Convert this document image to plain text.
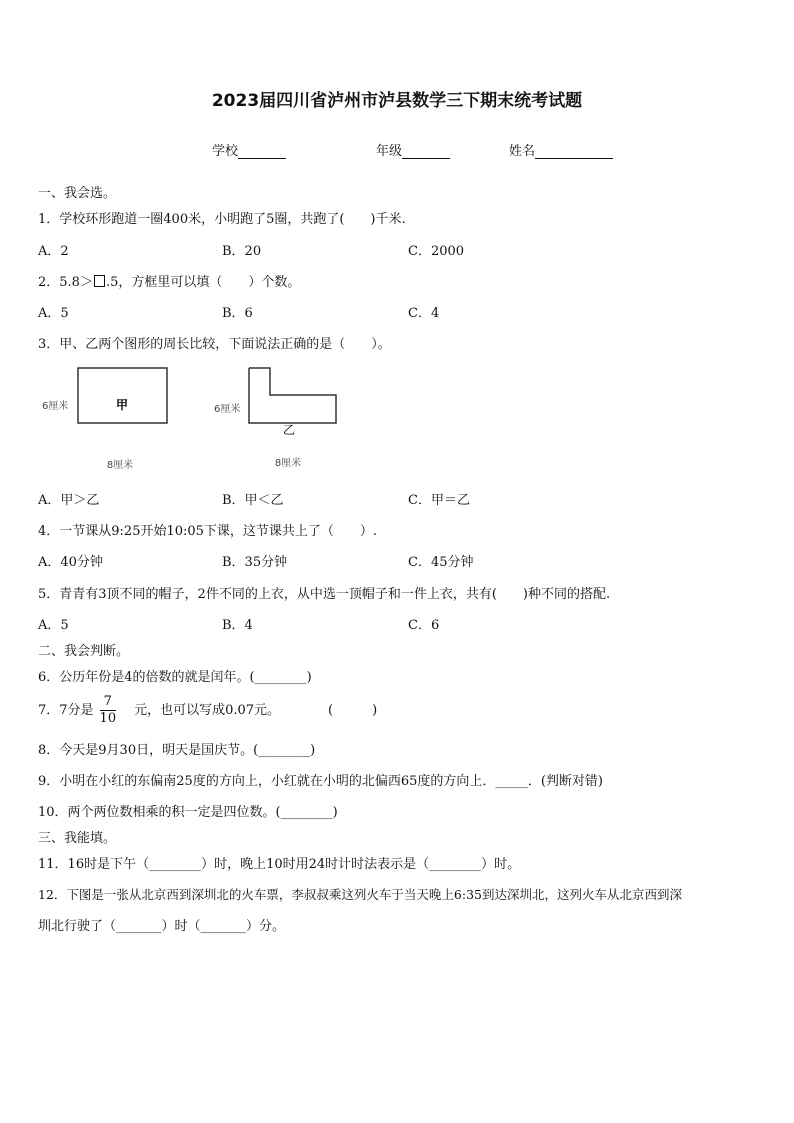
2023届四川省泸州市泸县数学三下期末统考试题
学校	年级	姓名
一、我会选。
1．学校环形跑道一圈400米，小明跑了5圈，共跑了(　　)千米.
A．2	B．20	C．2000
2．5.8＞ .5，方框里可以填（　　）个数。
A．5	B．6	C．4
3．甲、乙两个图形的周长比较，下面说法正确的是（　　）。
甲
6厘米
8厘米
乙
6厘米
8厘米
A．甲＞乙	B．甲＜乙	C．甲＝乙
4．一节课从9:25开始10:05下课，这节课共上了（　　）.
A．40分钟	B．35分钟	C．45分钟
5．青青有3顶不同的帽子，2件不同的上衣，从中选一顶帽子和一件上衣，共有(　　)种不同的搭配.
A．5	B．4	C．6
二、我会判断。
6．公历年份是4的倍数的就是闰年。(________)
7．7分是 $\frac{7}{10}$ 元，也可以写成0.07元。	(　　　)
8．今天是9月30日，明天是国庆节。(________)
9．小明在小红的东偏南25度的方向上，小红就在小明的北偏西65度的方向上．_____．(判断对错)
10．两个两位数相乘的积一定是四位数。(________)
三、我能填。
11．16时是下午（________）时，晚上10时用24时计时法表示是（________）时。
12．下图是一张从北京西到深圳北的火车票，李叔叔乘这列火车于当天晚上6:35到达深圳北，这列火车从北京西到深
圳北行驶了（_______）时（_______）分。
